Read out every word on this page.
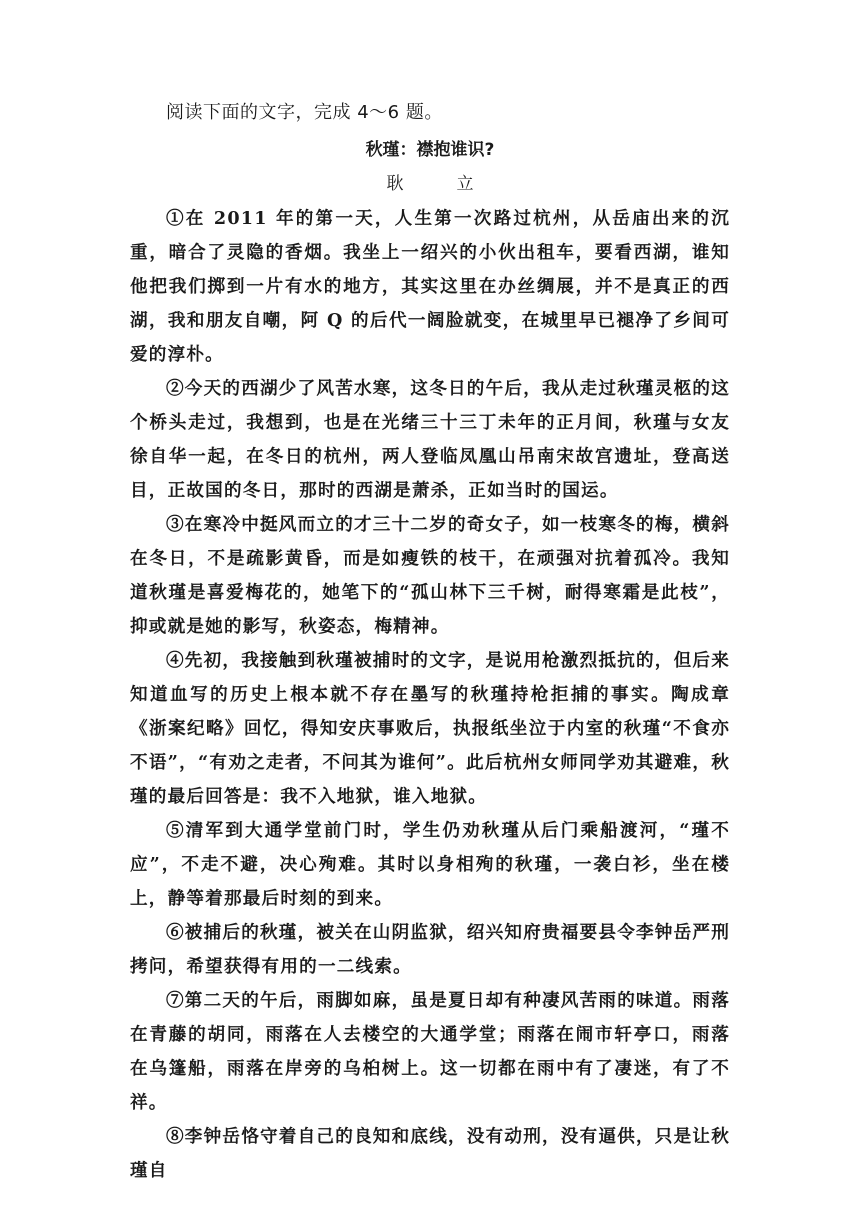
阅读下面的文字，完成 4～6 题。

秋瑾：襟抱谁识?

耿　立

①在 2011 年的第一天，人生第一次路过杭州，从岳庙出来的沉重，暗合了灵隐的香烟。我坐上一绍兴的小伙出租车，要看西湖，谁知他把我们掷到一片有水的地方，其实这里在办丝绸展，并不是真正的西湖，我和朋友自嘲，阿 Q 的后代一阔脸就变，在城里早已褪净了乡间可爱的淳朴。

②今天的西湖少了风苦水寒，这冬日的午后，我从走过秋瑾灵柩的这个桥头走过，我想到，也是在光绪三十三丁未年的正月间，秋瑾与女友徐自华一起，在冬日的杭州，两人登临凤凰山吊南宋故宫遗址，登高送目，正故国的冬日，那时的西湖是萧杀，正如当时的国运。

③在寒冷中挺风而立的才三十二岁的奇女子，如一枝寒冬的梅，横斜在冬日，不是疏影黄昏，而是如瘦铁的枝干，在顽强对抗着孤冷。我知道秋瑾是喜爱梅花的，她笔下的“孤山林下三千树，耐得寒霜是此枝”，抑或就是她的影写，秋姿态，梅精神。

④先初，我接触到秋瑾被捕时的文字，是说用枪激烈抵抗的，但后来知道血写的历史上根本就不存在墨写的秋瑾持枪拒捕的事实。陶成章《浙案纪略》回忆，得知安庆事败后，执报纸坐泣于内室的秋瑾“不食亦不语”，“有劝之走者，不问其为谁何”。此后杭州女师同学劝其避难，秋瑾的最后回答是：我不入地狱，谁入地狱。

⑤清军到大通学堂前门时，学生仍劝秋瑾从后门乘船渡河，“瑾不应”，不走不避，决心殉难。其时以身相殉的秋瑾，一袭白衫，坐在楼上，静等着那最后时刻的到来。

⑥被捕后的秋瑾，被关在山阴监狱，绍兴知府贵福要县令李钟岳严刑拷问，希望获得有用的一二线索。

⑦第二天的午后，雨脚如麻，虽是夏日却有种凄风苦雨的味道。雨落在青藤的胡同，雨落在人去楼空的大通学堂；雨落在闹市轩亭口，雨落在乌篷船，雨落在岸旁的乌桕树上。这一切都在雨中有了凄迷，有了不祥。

⑧李钟岳恪守着自己的良知和底线，没有动刑，没有逼供，只是让秋瑾自
